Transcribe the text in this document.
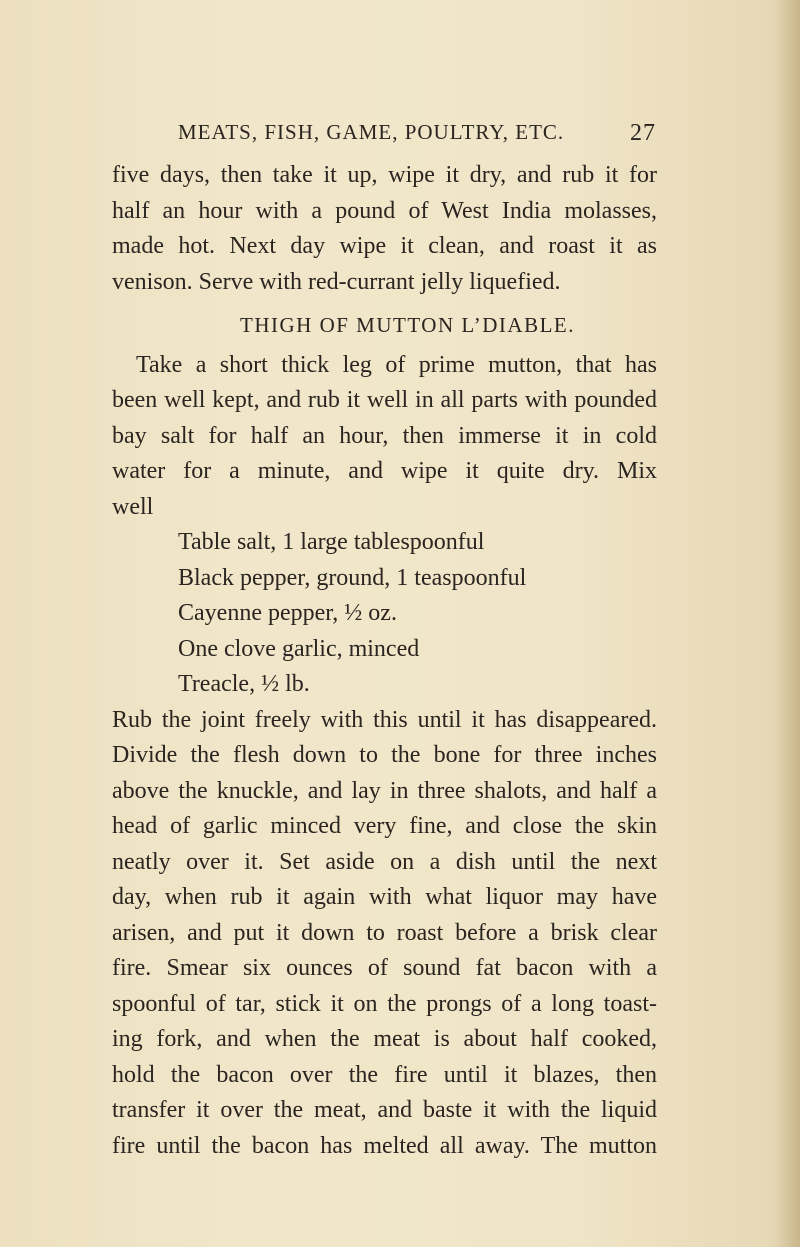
MEATS, FISH, GAME, POULTRY, ETC.	27
five days, then take it up, wipe it dry, and rub it for
half an hour with a pound of West India molasses,
made hot. Next day wipe it clean, and roast it as
venison. Serve with red-currant jelly liquefied.
THIGH OF MUTTON L’DIABLE.
Take a short thick leg of prime mutton, that has
been well kept, and rub it well in all parts with pounded
bay salt for half an hour, then immerse it in cold
water for a minute, and wipe it quite dry. Mix
well
Table salt, 1 large tablespoonful
Black pepper, ground, 1 teaspoonful
Cayenne pepper, ½ oz.
One clove garlic, minced
Treacle, ½ lb.
Rub the joint freely with this until it has disappeared.
Divide the flesh down to the bone for three inches
above the knuckle, and lay in three shalots, and half a
head of garlic minced very fine, and close the skin
neatly over it. Set aside on a dish until the next
day, when rub it again with what liquor may have
arisen, and put it down to roast before a brisk clear
fire. Smear six ounces of sound fat bacon with a
spoonful of tar, stick it on the prongs of a long toast-
ing fork, and when the meat is about half cooked,
hold the bacon over the fire until it blazes, then
transfer it over the meat, and baste it with the liquid
fire until the bacon has melted all away. The mutton
